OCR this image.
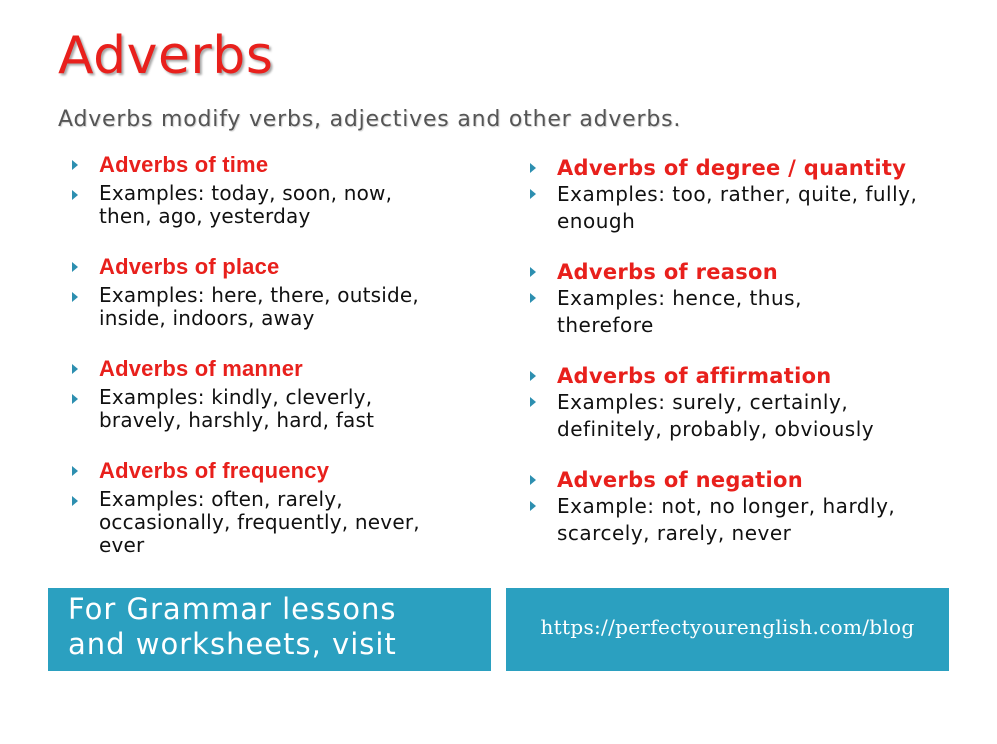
Adverbs
Adverbs modify verbs, adjectives and other adverbs.
Adverbs of time
Examples: today, soon, now, then, ago, yesterday
Adverbs of place
Examples: here, there, outside, inside, indoors, away
Adverbs of manner
Examples: kindly, cleverly, bravely, harshly, hard, fast
Adverbs of frequency
Examples: often, rarely, occasionally, frequently, never, ever
Adverbs of degree / quantity
Examples: too, rather, quite, fully, enough
Adverbs of reason
Examples: hence, thus, therefore
Adverbs of affirmation
Examples: surely, certainly, definitely, probably, obviously
Adverbs of negation
Example: not, no longer, hardly, scarcely, rarely, never
For Grammar lessons and worksheets, visit	https://perfectyourenglish.com/blog
